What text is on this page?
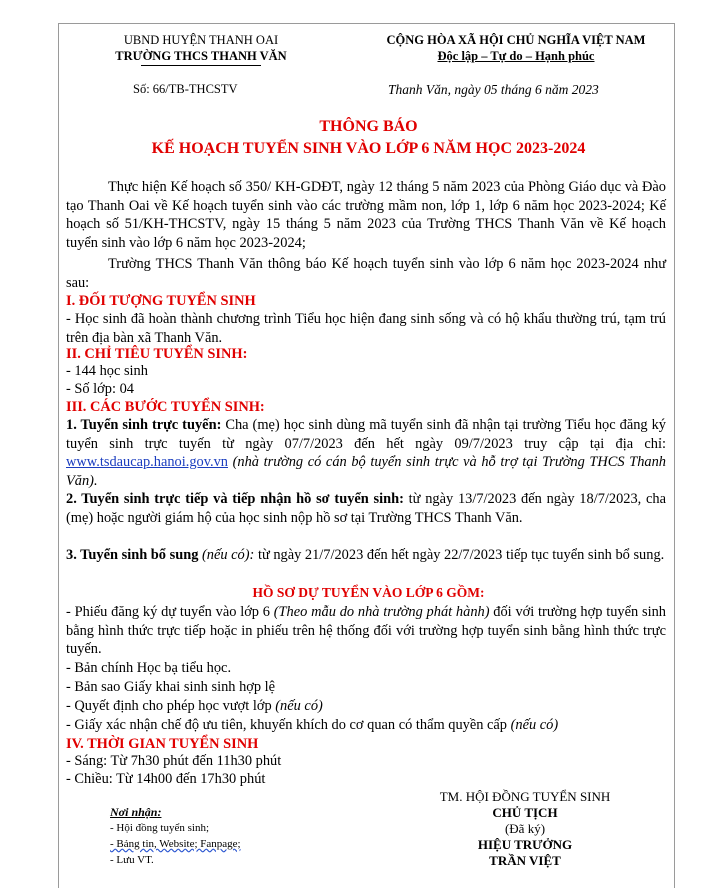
UBND HUYỆN THANH OAI
TRƯỜNG THCS THANH VĂN
CỘNG HÒA XÃ HỘI CHỦ NGHĨA VIỆT NAM
Độc lập – Tự do – Hạnh phúc
Số: 66/TB-THCSTV	Thanh Văn, ngày 05 tháng 6 năm 2023
THÔNG BÁO
KẾ HOẠCH TUYỂN SINH VÀO LỚP 6 NĂM HỌC 2023-2024
Thực hiện Kế hoạch số 350/ KH-GDĐT, ngày 12 tháng 5 năm 2023 của Phòng Giáo dục và Đào tạo Thanh Oai về Kế hoạch tuyển sinh vào các trường mầm non, lớp 1, lớp 6 năm học 2023-2024; Kế hoạch số 51/KH-THCSTV, ngày 15 tháng 5 năm 2023 của Trường THCS Thanh Văn về Kế hoạch tuyển sinh vào lớp 6 năm học 2023-2024;
Trường THCS Thanh Văn thông báo Kế hoạch tuyển sinh vào lớp 6 năm học 2023-2024 như sau:
I. ĐỐI TƯỢNG TUYỂN SINH
- Học sinh đã hoàn thành chương trình Tiểu học hiện đang sinh sống và có hộ khẩu thường trú, tạm trú trên địa bàn xã Thanh Văn.
II. CHỈ TIÊU TUYỂN SINH:
- 144 học sinh
- Số lớp: 04
III. CÁC BƯỚC TUYỂN SINH:
1. Tuyển sinh trực tuyến: Cha (mẹ) học sinh dùng mã tuyển sinh đã nhận tại trường Tiểu học đăng ký tuyển sinh trực tuyến từ ngày 07/7/2023 đến hết ngày 09/7/2023 truy cập tại địa chỉ: www.tsdaucap.hanoi.gov.vn (nhà trường có cán bộ tuyển sinh trực và hỗ trợ tại Trường THCS Thanh Văn).
2. Tuyển sinh trực tiếp và tiếp nhận hồ sơ tuyển sinh: từ ngày 13/7/2023 đến ngày 18/7/2023, cha (mẹ) hoặc người giám hộ của học sinh nộp hồ sơ tại Trường THCS Thanh Văn.
3. Tuyển sinh bổ sung (nếu có): từ ngày 21/7/2023 đến hết ngày 22/7/2023 tiếp tục tuyển sinh bổ sung.
HỒ SƠ DỰ TUYỂN VÀO LỚP 6 GỒM:
- Phiếu đăng ký dự tuyển vào lớp 6 (Theo mẫu do nhà trường phát hành) đối với trường hợp tuyển sinh bằng hình thức trực tiếp hoặc in phiếu trên hệ thống đối với trường hợp tuyển sinh bằng hình thức trực tuyến.
- Bản chính Học bạ tiểu học.
- Bản sao Giấy khai sinh sinh hợp lệ
- Quyết định cho phép học vượt lớp (nếu có)
- Giấy xác nhận chế độ ưu tiên, khuyến khích do cơ quan có thẩm quyền cấp (nếu có)
IV. THỜI GIAN TUYỂN SINH
- Sáng: Từ 7h30 phút đến 11h30 phút
- Chiều: Từ 14h00 đến 17h30 phút
TM. HỘI ĐỒNG TUYỂN SINH
CHỦ TỊCH
(Đã ký)
HIỆU TRƯỞNG
TRẦN VIỆT
Nơi nhận:
- Hội đồng tuyển sinh;
- Bảng tin, Website; Fanpage;
- Lưu VT.
